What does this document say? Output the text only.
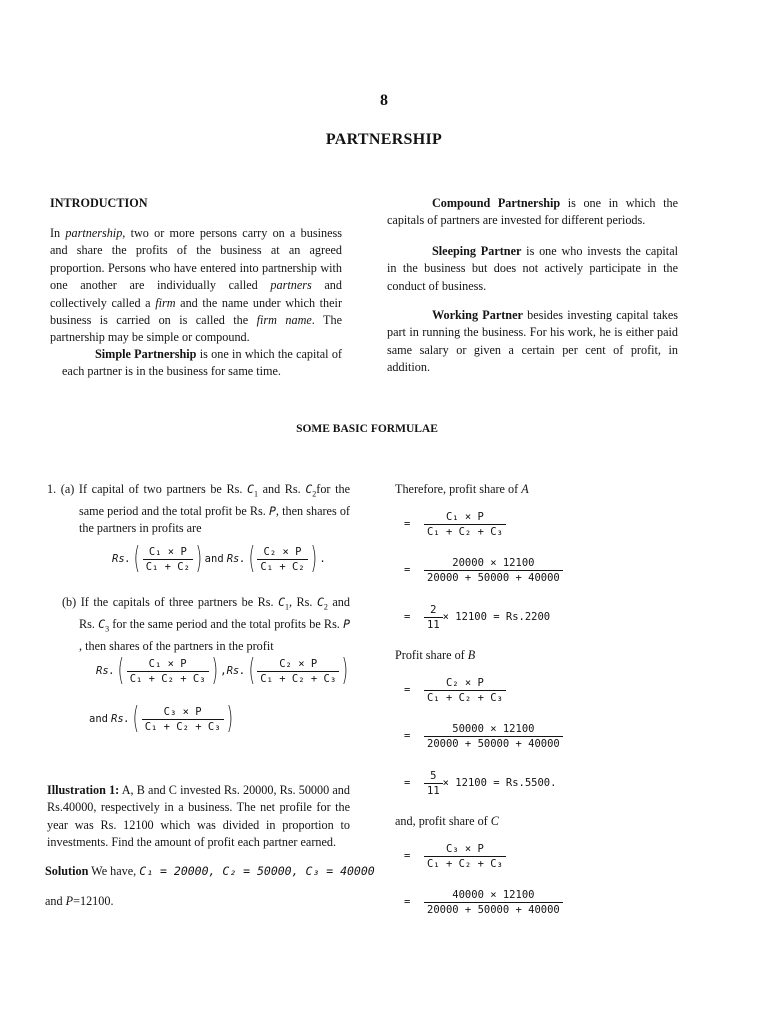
8
PARTNERSHIP
INTRODUCTION
In partnership, two or more persons carry on a business and share the profits of the business at an agreed proportion. Persons who have entered into partnership with one another are individually called partners and collectively called a firm and the name under which their business is carried on is called the firm name. The partnership may be simple or compound.
Simple Partnership is one in which the capital of each partner is in the business for same time.
Compound Partnership is one in which the capitals of partners are invested for different periods.
Sleeping Partner is one who invests the capital in the business but does not actively participate in the conduct of business.
Working Partner besides investing capital takes part in running the business. For his work, he is either paid same salary or given a certain per cent of profit, in addition.
SOME BASIC FORMULAE
1. (a) If capital of two partners be Rs. $C_1$ and Rs. $C_2for$ the same period and the total profit be Rs. P, then shares of the partners in profits are
$Rs.( \frac{\text{C₁ × P}}{\text{C₁ + C₂}}$ ) and $Rs.( \frac{\text{C₂ × P}}{\text{C₁ + C₂}}$ ) .
(b) If the capitals of three partners be Rs. $C_1$, Rs. $C_2$ and Rs. $C_3$ for the same period and the total profits be Rs. P , then shares of the partners in the profit
$Rs.( \frac{\text{C₁ × P}}{\text{C₁ + C₂ + C₃}}$ ) $,Rs.( \frac{\text{C₂ × P}}{\text{C₁ + C₂ + C₃}}$ )
and $Rs.( \frac{\text{C₃ × P}}{\text{C₁ + C₂ + C₃}}$ )
Illustration 1: A, B and C invested Rs. 20000, Rs. 50000 and Rs.40000, respectively in a business. The net profile for the year was Rs. 12100 which was divided in proportion to investments. Find the amount of profit each partner earned.
Solution We have, C₁ = 20000, C₂ = 50000, C₃ = 40000
and P=12100.
Therefore, profit share of A
= $\frac{\text{C₁ × P}}{\text{C₁ + C₂ + C₃}}$
= $\frac{20000 \times 12100}{20000 + 50000 + 40000}$
= $\frac{2}{11} \times 12100 = Rs.2200$
Profit share of B
= $\frac{\text{C₂ × P}}{\text{C₁ + C₂ + C₃}}$
= $\frac{50000 \times 12100}{20000 + 50000 + 40000}$
= $\frac{5}{11} \times 12100 = Rs.5500$.
and, profit share of C
= $\frac{\text{C₃ × P}}{\text{C₁ + C₂ + C₃}}$
= $\frac{40000 \times 12100}{20000 + 50000 + 40000}$
